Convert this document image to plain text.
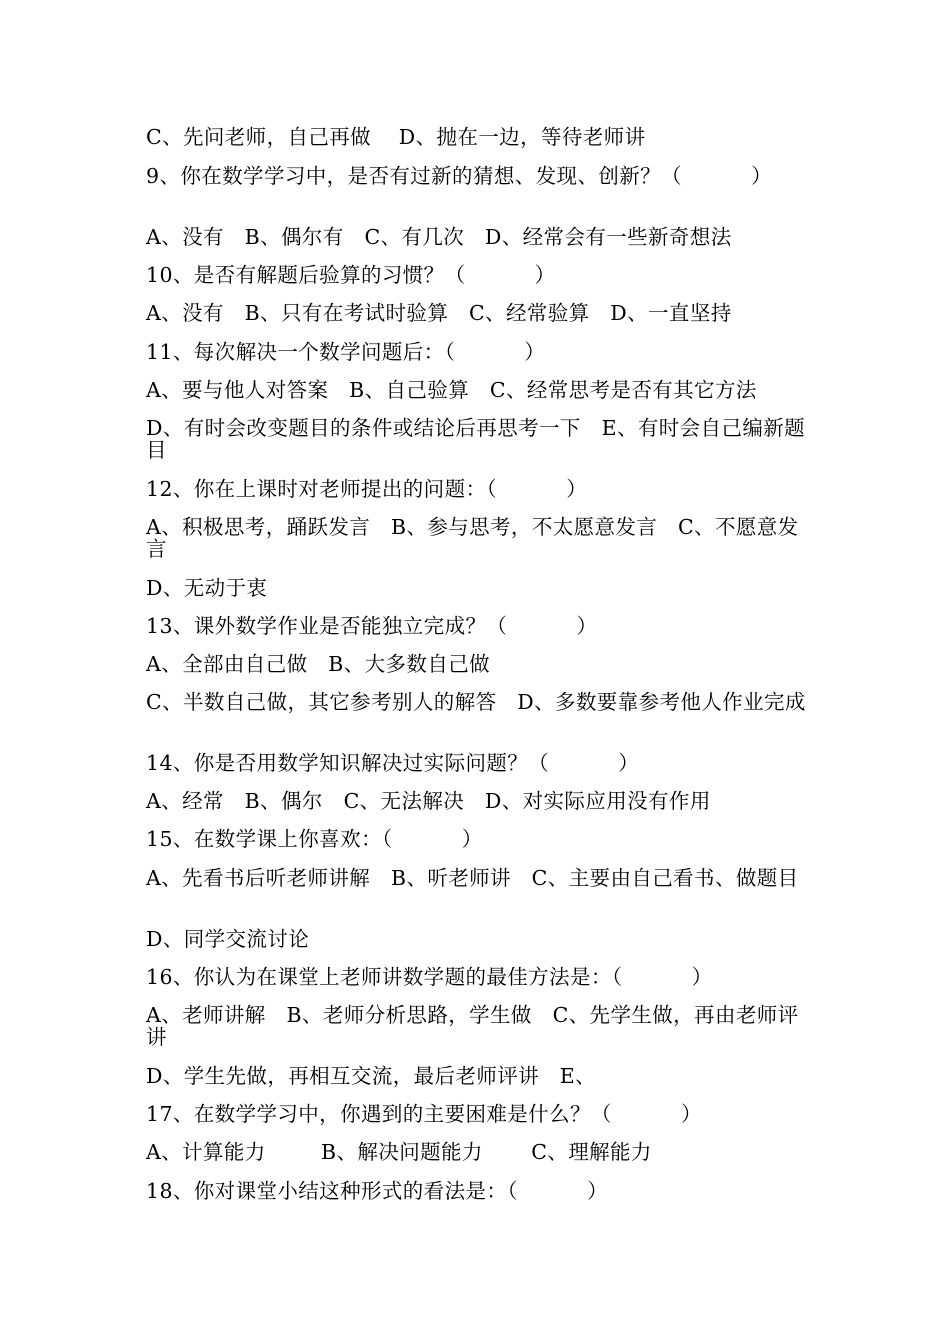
C、先问老师，自己再做    D、抛在一边，等待老师讲
9、你在数学学习中，是否有过新的猜想、发现、创新？（          ）
A、没有   B、偶尔有   C、有几次   D、经常会有一些新奇想法
10、是否有解题后验算的习惯？（          ）
A、没有   B、只有在考试时验算   C、经常验算   D、一直坚持
11、每次解决一个数学问题后：（          ）
A、要与他人对答案   B、自己验算   C、经常思考是否有其它方法
D、有时会改变题目的条件或结论后再思考一下   E、有时会自己编新题目
12、你在上课时对老师提出的问题：（          ）
A、积极思考，踊跃发言   B、参与思考，不太愿意发言   C、不愿意发言
D、无动于衷
13、课外数学作业是否能独立完成？（          ）
A、全部由自己做   B、大多数自己做
C、半数自己做，其它参考别人的解答   D、多数要靠参考他人作业完成
14、你是否用数学知识解决过实际问题？（          ）
A、经常   B、偶尔   C、无法解决   D、对实际应用没有作用
15、在数学课上你喜欢：（          ）
A、先看书后听老师讲解   B、听老师讲   C、主要由自己看书、做题目
D、同学交流讨论
16、你认为在课堂上老师讲数学题的最佳方法是：（          ）
A、老师讲解   B、老师分析思路，学生做   C、先学生做，再由老师评讲
D、学生先做，再相互交流，最后老师评讲   E、
17、在数学学习中，你遇到的主要困难是什么？（          ）
A、计算能力        B、解决问题能力       C、理解能力
18、你对课堂小结这种形式的看法是：（          ）
